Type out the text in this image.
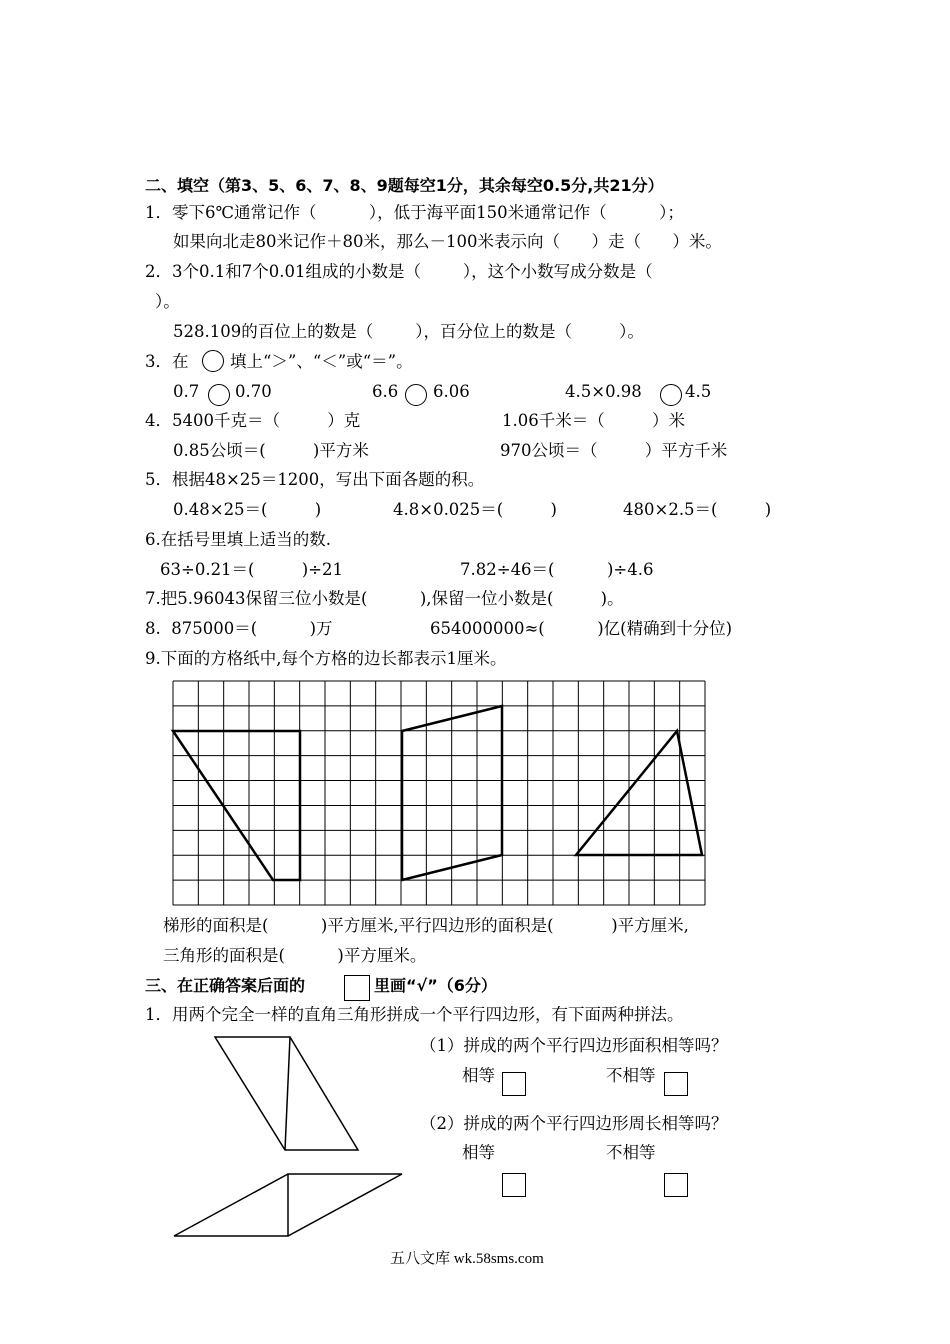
二、填空（第3、5、6、7、8、9题每空1分，其余每空0.5分,共21分）
1．零下6℃通常记作（          ），低于海平面150米通常记作（          ）；
如果向北走80米记作＋80米，那么－100米表示向（      ）走（      ）米。
2．3个0.1和7个0.01组成的小数是（        ），这个小数写成分数是（
）。
528.109的百位上的数是（        ），百分位上的数是（         ）。
3．在	填上“＞”、“＜”或“＝”。
0.7 0.70	6.6 6.06	4.5×0.98	4.5
4．5400千克＝（         ）克	1.06千米＝（         ）米
0.85公顷＝(         )平方米	970公顷＝（         ）平方千米
5．根据48×25＝1200，写出下面各题的积。
0.48×25＝(         )	4.8×0.025＝(         )	480×2.5＝(         )
6.在括号里填上适当的数.
63÷0.21＝(         )÷21	7.82÷46＝(          )÷4.6
7.把5.96043保留三位小数是(          ),保留一位小数是(         )。
8.  875000＝(          )万	654000000≈(          )亿(精确到十分位)
9.下面的方格纸中,每个方格的边长都表示1厘米。
梯形的面积是(          )平方厘米,平行四边形的面积是(           )平方厘米,
三角形的面积是(          )平方厘米。
三、在正确答案后面的	里画“√”（6分）
1．用两个完全一样的直角三角形拼成一个平行四边形，有下面两种拼法。
（1）拼成的两个平行四边形面积相等吗？
相等	不相等
（2）拼成的两个平行四边形周长相等吗？
相等	不相等
五八文库 wk.58sms.com
